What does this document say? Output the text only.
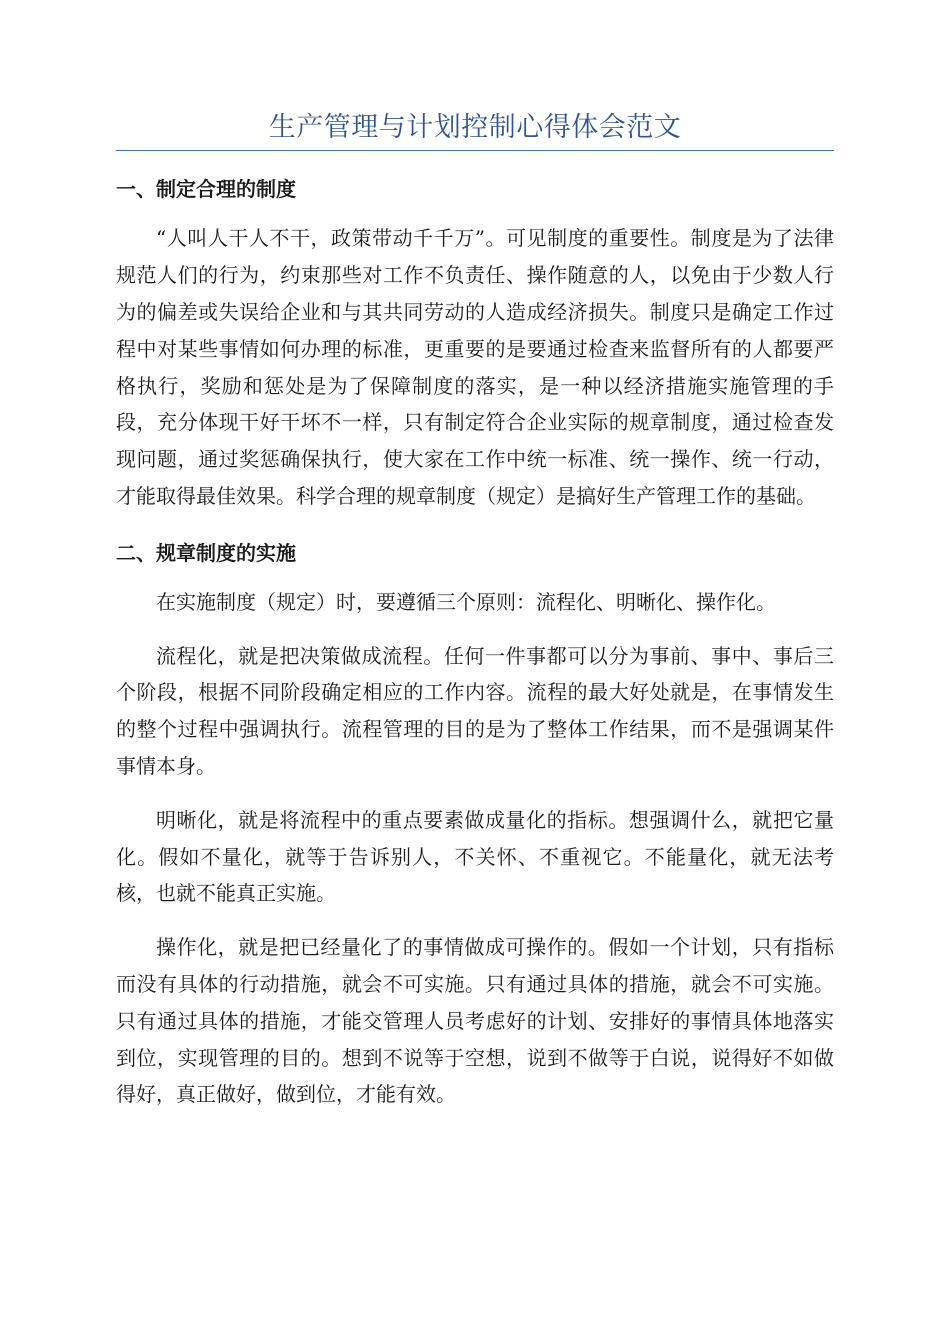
生产管理与计划控制心得体会范文
一、制定合理的制度

“人叫人干人不干，政策带动千千万”。可见制度的重要性。制度是为了法律规范人们的行为，约束那些对工作不负责任、操作随意的人，以免由于少数人行为的偏差或失误给企业和与其共同劳动的人造成经济损失。制度只是确定工作过程中对某些事情如何办理的标准，更重要的是要通过检查来监督所有的人都要严格执行，奖励和惩处是为了保障制度的落实，是一种以经济措施实施管理的手段，充分体现干好干坏不一样，只有制定符合企业实际的规章制度，通过检查发现问题，通过奖惩确保执行，使大家在工作中统一标准、统一操作、统一行动，才能取得最佳效果。科学合理的规章制度（规定）是搞好生产管理工作的基础。

二、规章制度的实施

在实施制度（规定）时，要遵循三个原则：流程化、明晰化、操作化。

流程化，就是把决策做成流程。任何一件事都可以分为事前、事中、事后三个阶段，根据不同阶段确定相应的工作内容。流程的最大好处就是，在事情发生的整个过程中强调执行。流程管理的目的是为了整体工作结果，而不是强调某件事情本身。

明晰化，就是将流程中的重点要素做成量化的指标。想强调什么，就把它量化。假如不量化，就等于告诉别人，不关怀、不重视它。不能量化，就无法考核，也就不能真正实施。

操作化，就是把已经量化了的事情做成可操作的。假如一个计划，只有指标而没有具体的行动措施，就会不可实施。只有通过具体的措施，就会不可实施。只有通过具体的措施，才能交管理人员考虑好的计划、安排好的事情具体地落实到位，实现管理的目的。想到不说等于空想，说到不做等于白说，说得好不如做得好，真正做好，做到位，才能有效。
